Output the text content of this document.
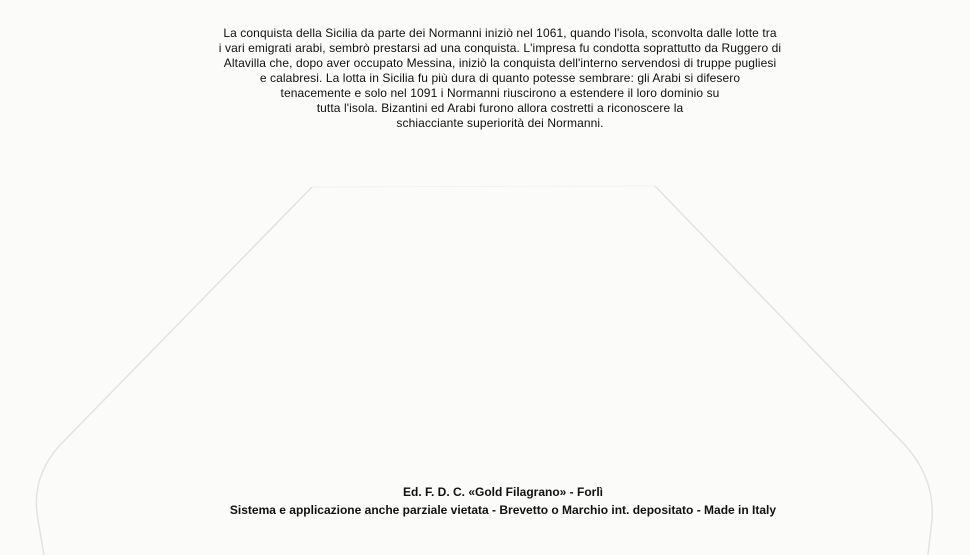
La conquista della Sicilia da parte dei Normanni iniziò nel 1061, quando l'isola, sconvolta dalle lotte tra
i vari emigrati arabi, sembrò prestarsi ad una conquista. L'impresa fu condotta soprattutto da Ruggero di
Altavilla che, dopo aver occupato Messina, iniziò la conquista dell'interno servendosi di truppe pugliesi
e calabresi. La lotta in Sicilia fu più dura di quanto potesse sembrare: gli Arabi si difesero
tenacemente e solo nel 1091 i Normanni riuscirono a estendere il loro dominio su
tutta l'isola. Bizantini ed Arabi furono allora costretti a riconoscere la
schiacciante superiorità dei Normanni.
Ed. F. D. C. «Gold Filagrano» - Forlì
Sistema e applicazione anche parziale vietata - Brevetto o Marchio int. depositato - Made in Italy
